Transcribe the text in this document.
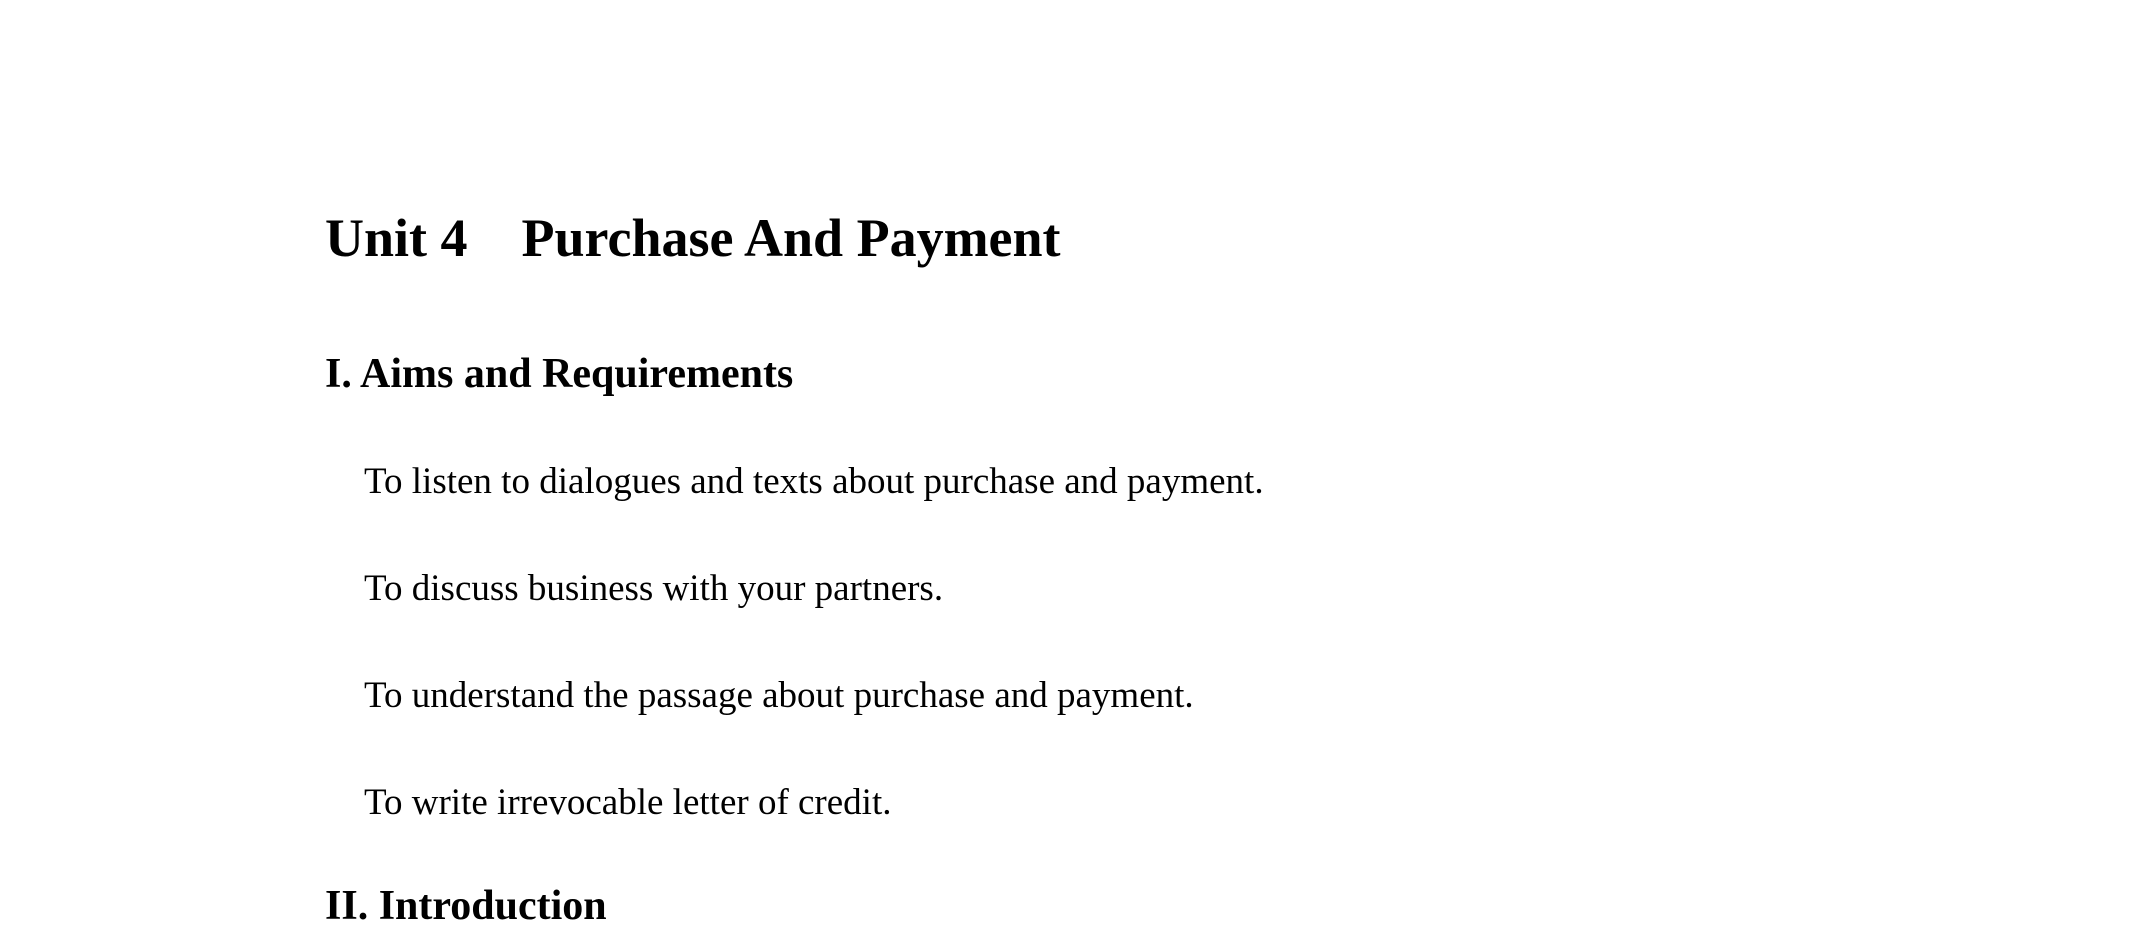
Unit 4 Purchase And Payment
I. Aims and Requirements

To listen to dialogues and texts about purchase and payment.

To discuss business with your partners.

To understand the passage about purchase and payment.

To write irrevocable letter of credit.

II. Introduction
